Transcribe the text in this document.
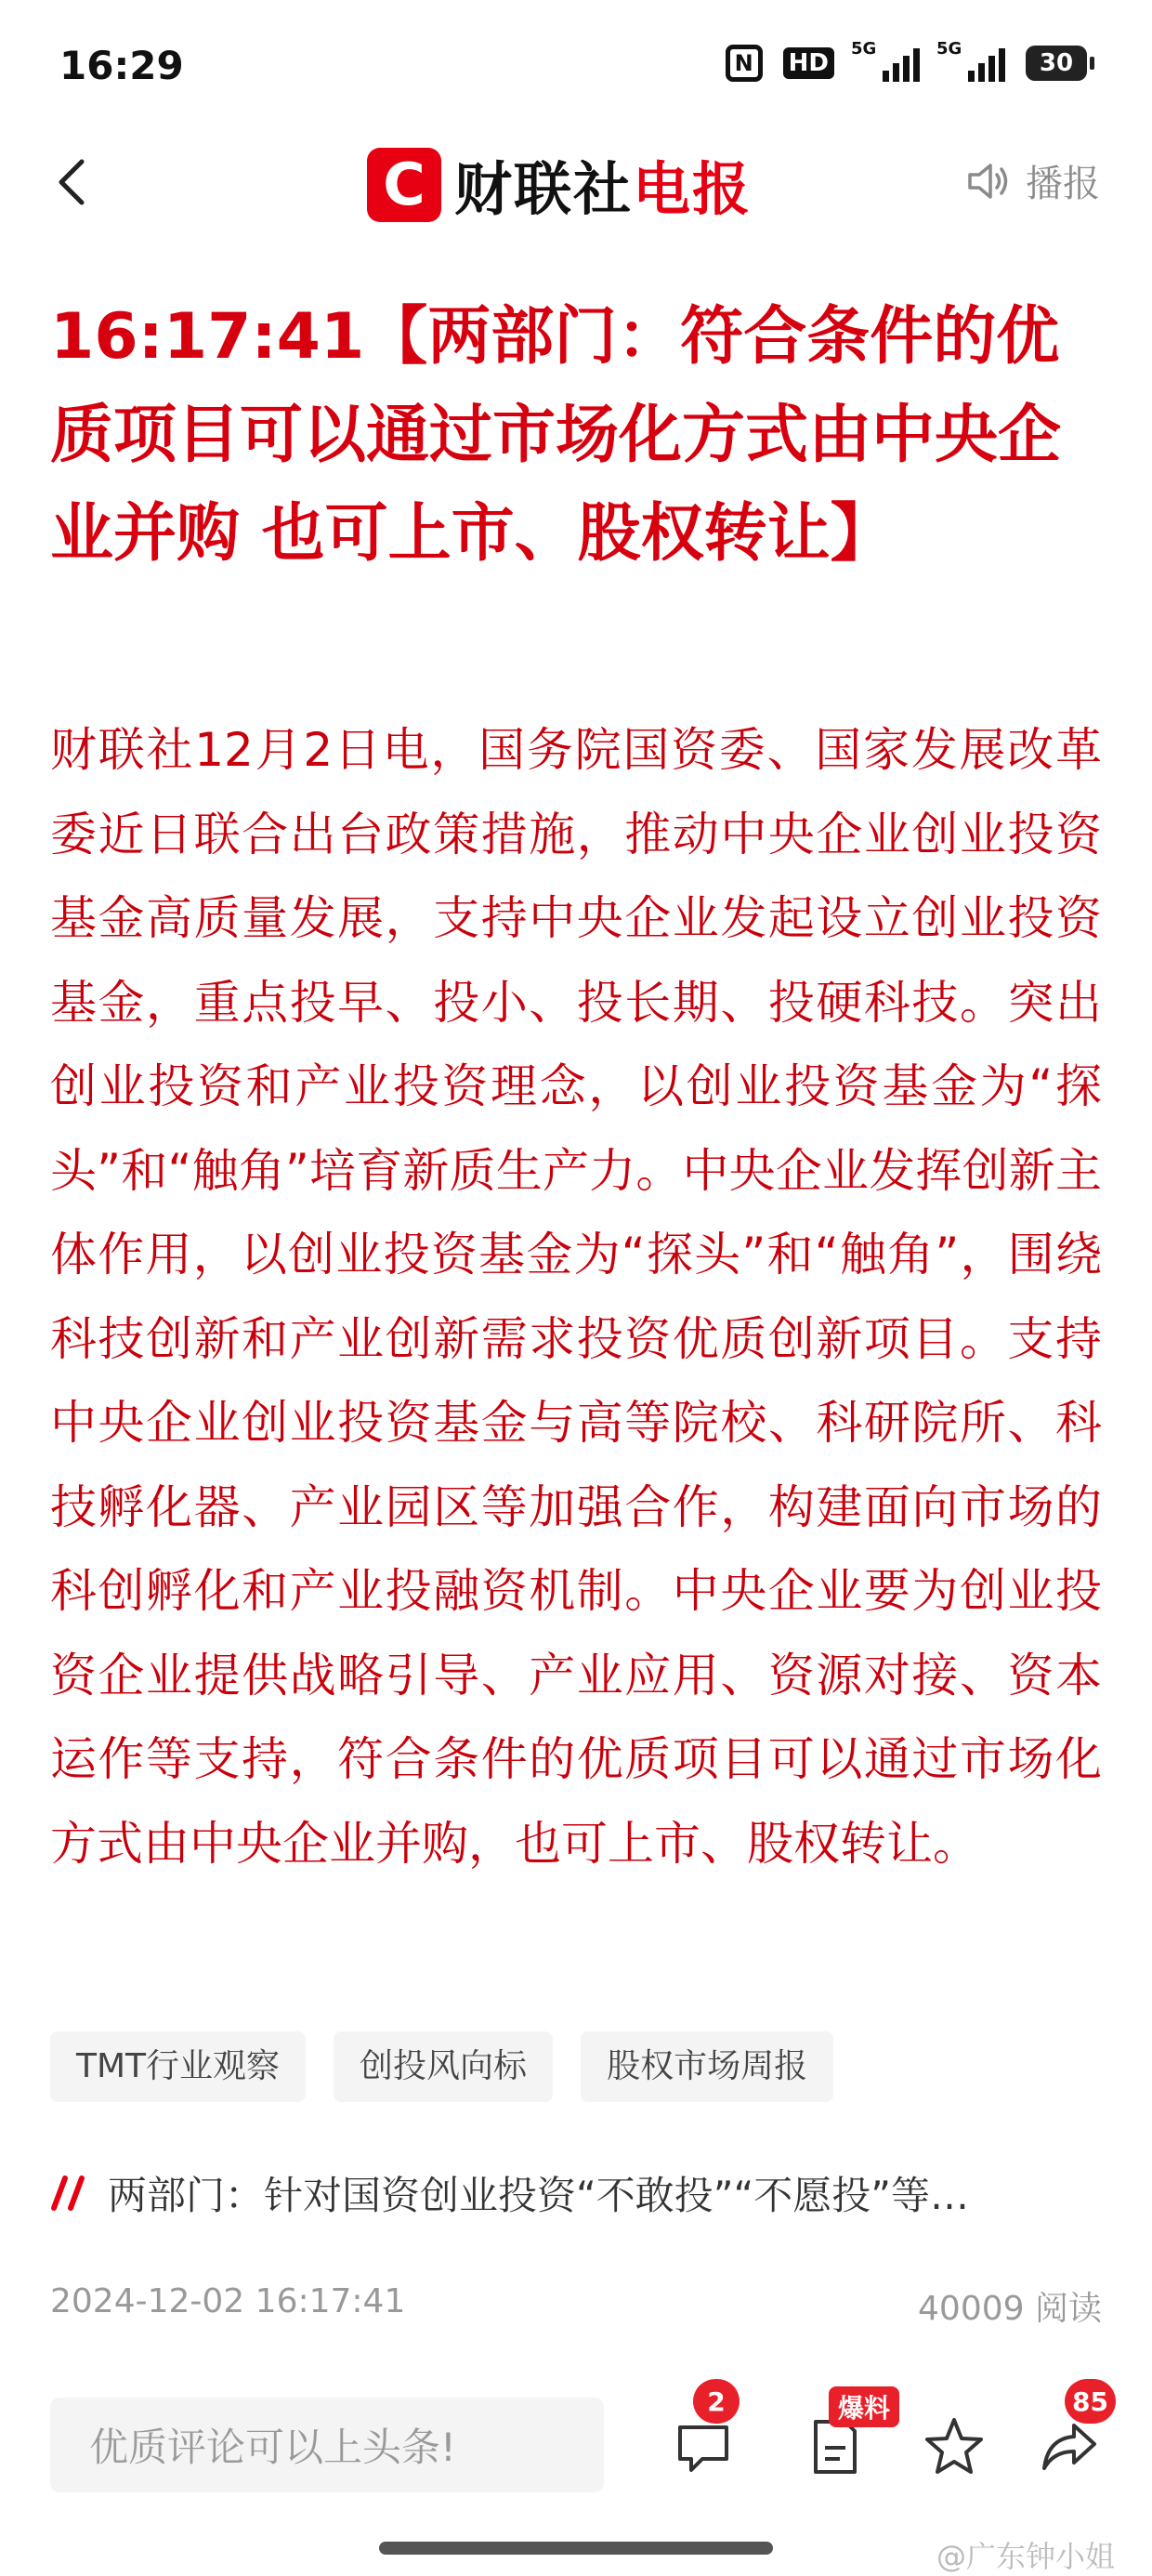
16:29	N	HD
5G	5G
30
C 财联社电报	播报
16:17:41【两部门：符合条件的优质项目可以通过市场化方式由中央企业并购 也可上市、股权转让】

财联社12月2日电，国务院国资委、国家发展改革委近日联合出台政策措施，推动中央企业创业投资基金高质量发展，支持中央企业发起设立创业投资基金，重点投早、投小、投长期、投硬科技。突出创业投资和产业投资理念，以创业投资基金为“探头”和“触角”培育新质生产力。中央企业发挥创新主体作用，以创业投资基金为“探头”和“触角”，围绕科技创新和产业创新需求投资优质创新项目。支持中央企业创业投资基金与高等院校、科研院所、科技孵化器、产业园区等加强合作，构建面向市场的科创孵化和产业投融资机制。中央企业要为创业投资企业提供战略引导、产业应用、资源对接、资本运作等支持，符合条件的优质项目可以通过市场化方式由中央企业并购，也可上市、股权转让。

TMT行业观察	创投风向标	股权市场周报
两部门：针对国资创业投资“不敢投”“不愿投”等…
2024-12-02 16:17:41	40009 阅读
优质评论可以上头条!
2	爆料	85
@广东钟小姐
